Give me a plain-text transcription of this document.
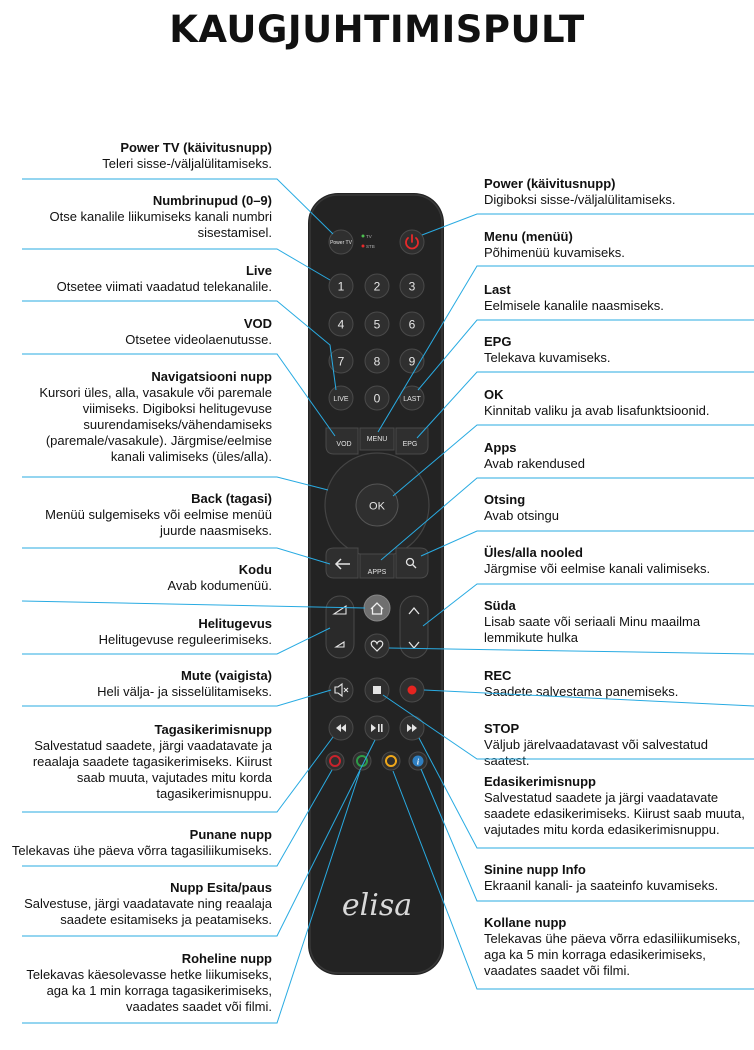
KAUGJUHTIMISPULT
Power TV (käivitusnupp)
Teleri sisse-/väljalülitamiseks.
Numbrinupud (0–9)
Otse kanalile liikumiseks kanali numbri sisestamisel.
Live
Otsetee viimati vaadatud telekanalile.
VOD
Otsetee videolaenutusse.
Navigatsiooni nupp
Kursori üles, alla, vasakule või paremale viimiseks. Digiboksi helitugevuse suurendamiseks/vähendamiseks (paremale/vasakule). Järgmise/eelmise kanali valimiseks (üles/alla).
Back (tagasi)
Menüü sulgemiseks või eelmise menüü juurde naasmiseks.
Kodu
Avab kodumenüü.
Helitugevus
Helitugevuse reguleerimiseks.
Mute (vaigista)
Heli välja- ja sisselülitamiseks.
Tagasikerimisnupp
Salvestatud saadete, järgi vaadatavate ja reaalaja saadete tagasikerimiseks. Kiirust saab muuta, vajutades mitu korda tagasikerimisnuppu.
Punane nupp
Telekavas ühe päeva võrra tagasiliikumiseks.
Nupp Esita/paus
Salvestuse, järgi vaadatavate ning reaalaja saadete esitamiseks ja peatamiseks.
Roheline nupp
Telekavas käesolevasse hetke liikumiseks, aga ka 1 min korraga tagasikerimiseks, vaadates saadet või filmi.
Power (käivitusnupp)
Digiboksi sisse-/väljalülitamiseks.
Menu (menüü)
Põhimenüü kuvamiseks.
Last
Eelmisele kanalile naasmiseks.
EPG
Telekava kuvamiseks.
OK
Kinnitab valiku ja avab lisafunktsioonid.
Apps
Avab rakendused
Otsing
Avab otsingu
Üles/alla nooled
Järgmise või eelmise kanali valimiseks.
Süda
Lisab saate või seriaali Minu maailma lemmikute hulka
REC
Saadete salvestama panemiseks.
STOP
Väljub järelvaadatavast või salvestatud saatest.
Edasikerimisnupp
Salvestatud saadete ja järgi vaadatavate saadete edasikerimiseks. Kiirust saab muuta, vajutades mitu korda edasikerimisnuppu.
Sinine nupp Info
Ekraanil kanali- ja saateinfo kuvamiseks.
Kollane nupp
Telekavas ühe päeva võrra edasiliikumiseks, aga ka 5 min korraga edasikerimiseks, vaadates saadet või filmi.
Power TV
TV
STB
1 2 3
4 5 6
7 8 9
LIVE 0	LAST
VOD
MENU
EPG
OK
APPS
i
elisa
